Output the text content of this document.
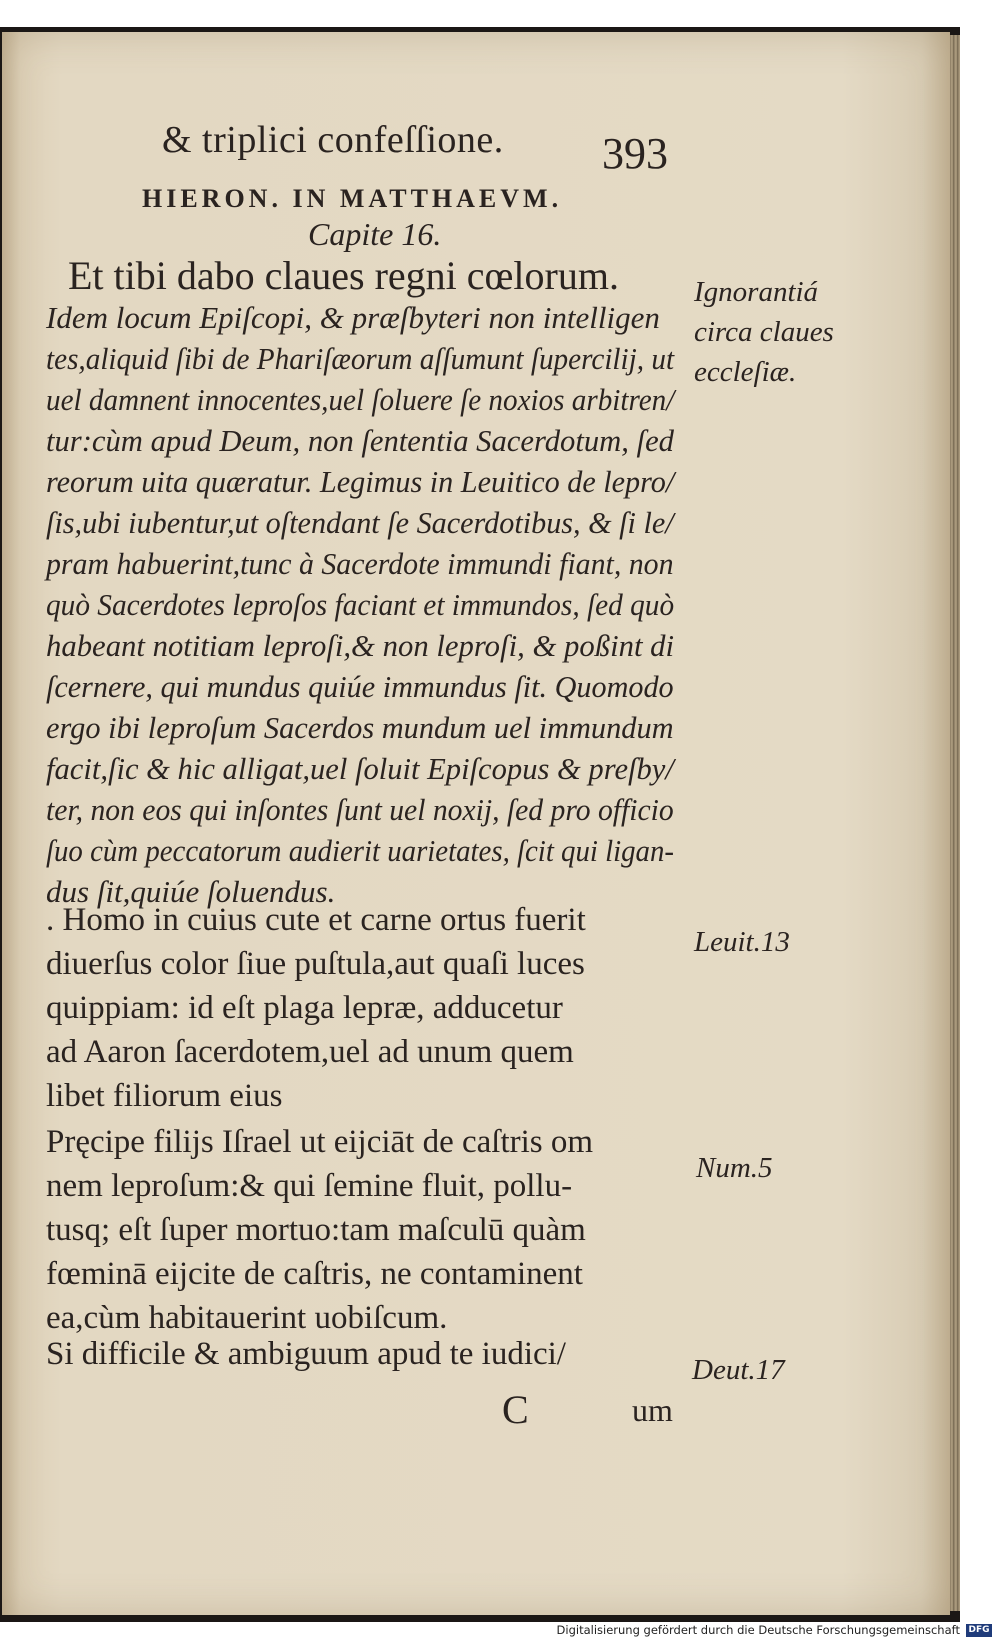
& triplici confeſſione. 393
HIERON. IN MATTHAEVM.
Capite 16.
Et tibi dabo claues regni cœlorum.
Idem locum Epiſcopi, & præſbyteri non intelligen
tes,aliquid ſibi de Phariſæorum aſſumunt ſupercilij, ut
uel damnent innocentes,uel ſoluere ſe noxios arbitren/
tur:cùm apud Deum, non ſententia Sacerdotum, ſed
reorum uita quæratur. Legimus in Leuitico de lepro/
ſis,ubi iubentur,ut oſtendant ſe Sacerdotibus, & ſi le/
pram habuerint,tunc à Sacerdote immundi fiant, non
quò Sacerdotes leproſos faciant et immundos, ſed quò
habeant notitiam leproſi,& non leproſi, & poßint di
ſcernere, qui mundus quiúe immundus ſit. Quomodo
ergo ibi leproſum Sacerdos mundum uel immundum
facit,ſic & hic alligat,uel ſoluit Epiſcopus & preſby/
ter, non eos qui inſontes ſunt uel noxij, ſed pro officio
ſuo cùm peccatorum audierit uarietates, ſcit qui ligan-
dus ſit,quiúe ſoluendus.
. Homo in cuius cute et carne ortus fuerit
diuerſus color ſiue puſtula,aut quaſi luces
quippiam: id eſt plaga lepræ, adducetur
ad Aaron ſacerdotem,uel ad unum quem
libet filiorum eius
Pręcipe filijs Iſrael ut eijciāt de caſtris om
nem leproſum:& qui ſemine fluit, pollu-
tusq; eſt ſuper mortuo:tam maſculū quàm
fœminā eijcite de caſtris, ne contaminent
ea,cùm habitauerint uobiſcum.
Si difficile & ambiguum apud te iudici/
Ignorantiá
circa claues
eccleſiæ.
Leuit.13
Num.5
Deut.17
C	um
Digitalisierung gefördert durch die Deutsche Forschungsgemeinschaft DFG
